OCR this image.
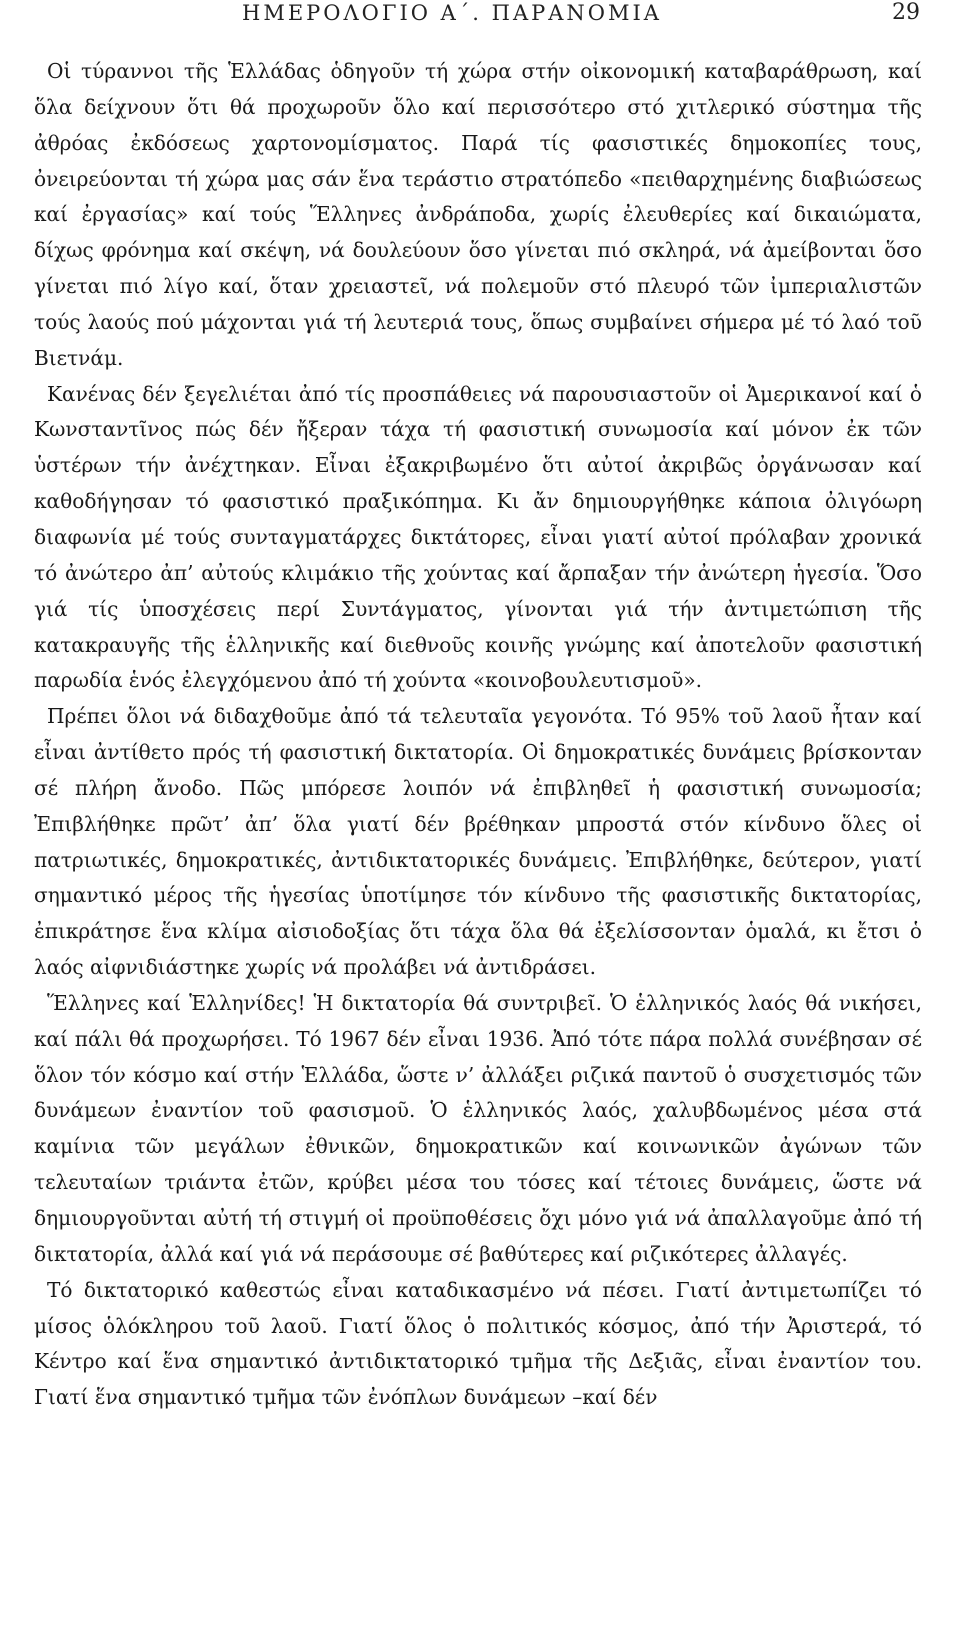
ΗΜΕΡΟΛΟΓΙΟ Α΄. ΠΑΡΑΝΟΜΙΑ	29

Οἱ τύραννοι τῆς Ἑλλάδας ὁδηγοῦν τή χώρα στήν οἰκονομική καταβαράθρωση, καί ὅλα δείχνουν ὅτι θά προχωροῦν ὅλο καί περισσότερο στό χιτλερικό σύστημα τῆς ἀθρόας ἐκδόσεως χαρτονομίσματος. Παρά τίς φασιστικές δημοκοπίες τους, ὀνειρεύονται τή χώρα μας σάν ἕνα τεράστιο στρατόπεδο «πειθαρχημένης διαβιώσεως καί ἐργασίας» καί τούς Ἕλληνες ἀνδράποδα, χωρίς ἐλευθερίες καί δικαιώματα, δίχως φρόνημα καί σκέψη, νά δουλεύουν ὅσο γίνεται πιό σκληρά, νά ἀμείβονται ὅσο γίνεται πιό λίγο καί, ὅταν χρειαστεῖ, νά πολεμοῦν στό πλευρό τῶν ἰμπεριαλιστῶν τούς λαούς πού μάχονται γιά τή λευτεριά τους, ὅπως συμβαίνει σήμερα μέ τό λαό τοῦ Βιετνάμ.

Κανένας δέν ξεγελιέται ἀπό τίς προσπάθειες νά παρουσιαστοῦν οἱ Ἀμερικανοί καί ὁ Κωνσταντῖνος πώς δέν ἤξεραν τάχα τή φασιστική συνωμοσία καί μόνον ἐκ τῶν ὑστέρων τήν ἀνέχτηκαν. Εἶναι ἐξακριβωμένο ὅτι αὐτοί ἀκριβῶς ὀργάνωσαν καί καθοδήγησαν τό φασιστικό πραξικόπημα. Κι ἄν δημιουργήθηκε κάποια ὀλιγόωρη διαφωνία μέ τούς συνταγματάρχες δικτάτορες, εἶναι γιατί αὐτοί πρόλαβαν χρονικά τό ἀνώτερο ἀπ’ αὐτούς κλιμάκιο τῆς χούντας καί ἄρπαξαν τήν ἀνώτερη ἡγεσία. Ὅσο γιά τίς ὑποσχέσεις περί Συντάγματος, γίνονται γιά τήν ἀντιμετώπιση τῆς κατακραυγῆς τῆς ἑλληνικῆς καί διεθνοῦς κοινῆς γνώμης καί ἀποτελοῦν φασιστική παρωδία ἑνός ἐλεγχόμενου ἀπό τή χούντα «κοινοβουλευτισμοῦ».

Πρέπει ὅλοι νά διδαχθοῦμε ἀπό τά τελευταῖα γεγονότα. Τό 95% τοῦ λαοῦ ἦταν καί εἶναι ἀντίθετο πρός τή φασιστική δικτατορία. Οἱ δημοκρατικές δυνάμεις βρίσκονταν σέ πλήρη ἄνοδο. Πῶς μπόρεσε λοιπόν νά ἐπιβληθεῖ ἡ φασιστική συνωμοσία; Ἐπιβλήθηκε πρῶτ’ ἀπ’ ὅλα γιατί δέν βρέθηκαν μπροστά στόν κίνδυνο ὅλες οἱ πατριωτικές, δημοκρατικές, ἀντιδικτατορικές δυνάμεις. Ἐπιβλήθηκε, δεύτερον, γιατί σημαντικό μέρος τῆς ἡγεσίας ὑποτίμησε τόν κίνδυνο τῆς φασιστικῆς δικτατορίας, ἐπικράτησε ἕνα κλίμα αἰσιοδοξίας ὅτι τάχα ὅλα θά ἐξελίσσονταν ὁμαλά, κι ἔτσι ὁ λαός αἰφνιδιάστηκε χωρίς νά προλάβει νά ἀντιδράσει.

Ἕλληνες καί Ἑλληνίδες! Ἡ δικτατορία θά συντριβεῖ. Ὁ ἑλληνικός λαός θά νικήσει, καί πάλι θά προχωρήσει. Τό 1967 δέν εἶναι 1936. Ἀπό τότε πάρα πολλά συνέβησαν σέ ὅλον τόν κόσμο καί στήν Ἑλλάδα, ὥστε ν’ ἀλλάξει ριζικά παντοῦ ὁ συσχετισμός τῶν δυνάμεων ἐναντίον τοῦ φασισμοῦ. Ὁ ἑλληνικός λαός, χαλυβδωμένος μέσα στά καμίνια τῶν μεγάλων ἐθνικῶν, δημοκρατικῶν καί κοινωνικῶν ἀγώνων τῶν τελευταίων τριάντα ἐτῶν, κρύβει μέσα του τόσες καί τέτοιες δυνάμεις, ὥστε νά δημιουργοῦνται αὐτή τή στιγμή οἱ προϋποθέσεις ὄχι μόνο γιά νά ἀπαλλαγοῦμε ἀπό τή δικτατορία, ἀλλά καί γιά νά περάσουμε σέ βαθύτερες καί ριζικότερες ἀλλαγές.

Τό δικτατορικό καθεστώς εἶναι καταδικασμένο νά πέσει. Γιατί ἀντιμετωπίζει τό μίσος ὁλόκληρου τοῦ λαοῦ. Γιατί ὅλος ὁ πολιτικός κόσμος, ἀπό τήν Ἀριστερά, τό Κέντρο καί ἕνα σημαντικό ἀντιδικτατορικό τμῆμα τῆς Δεξιᾶς, εἶναι ἐναντίον του. Γιατί ἕνα σημαντικό τμῆμα τῶν ἐνόπλων δυνάμεων –καί δέν
